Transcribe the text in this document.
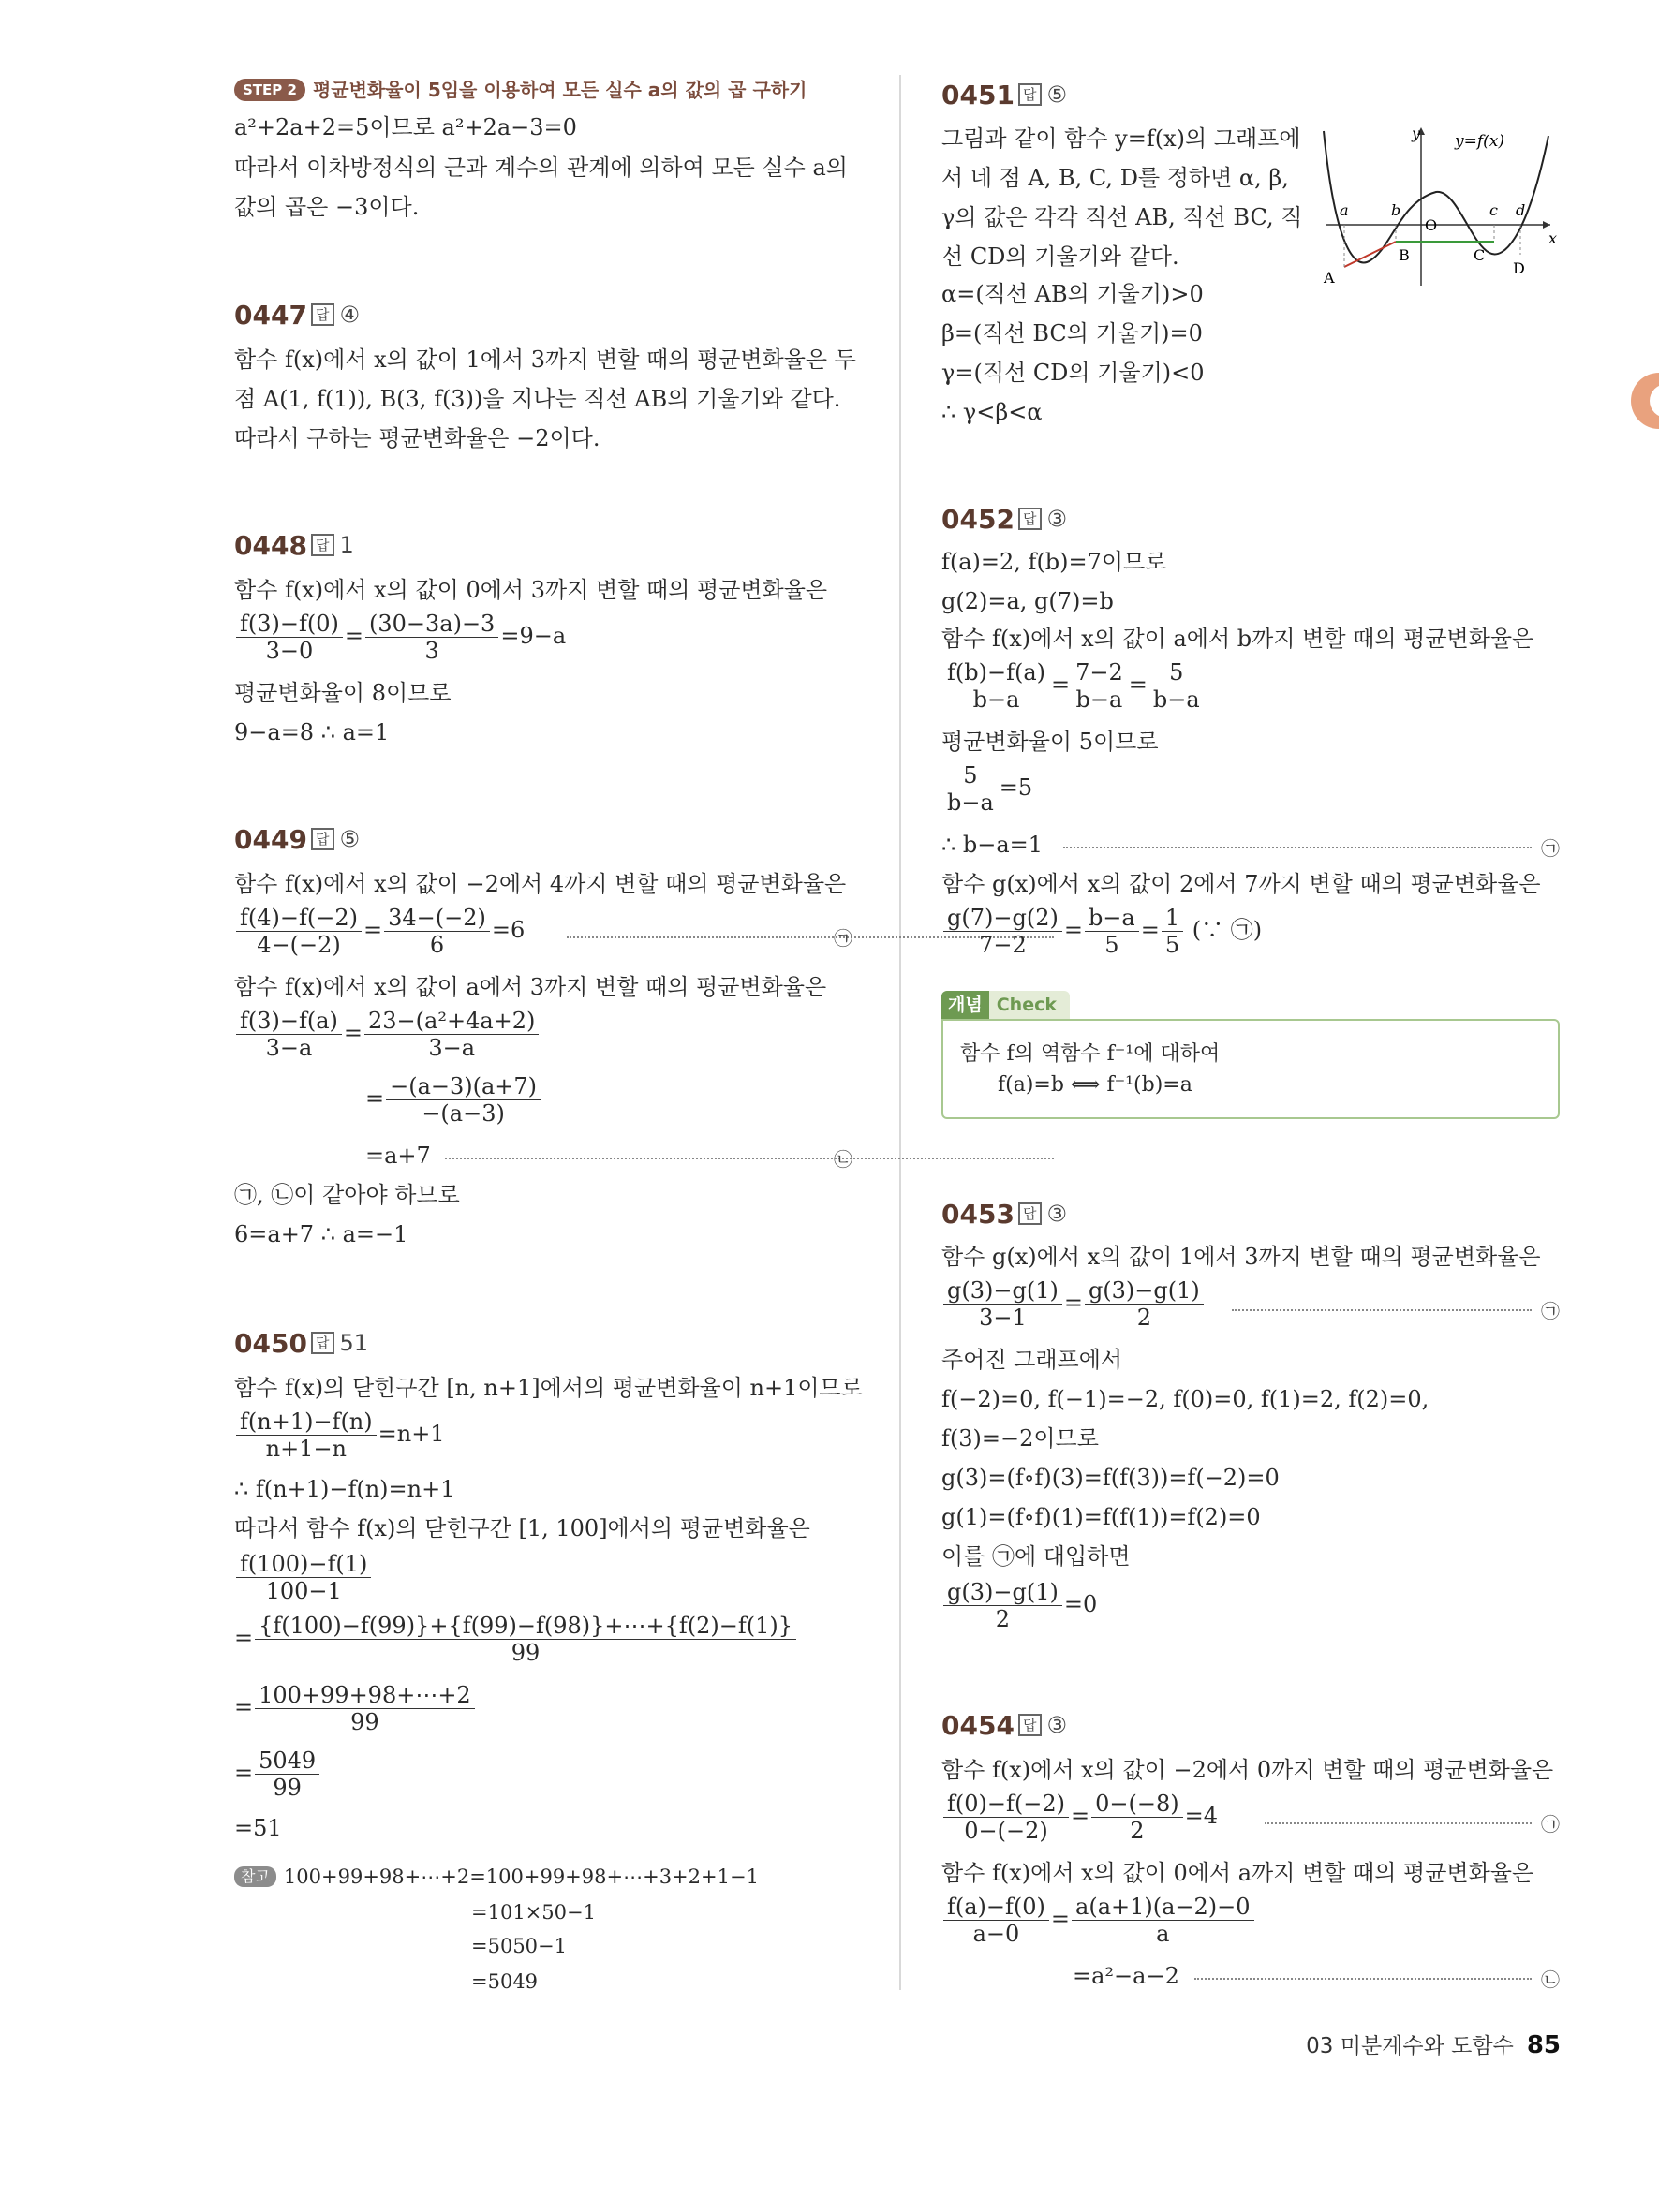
STEP 2 평균변화율이 5임을 이용하여 모든 실수 a의 값의 곱 구하기
a²+2a+2=5이므로 a²+2a−3=0
따라서 이차방정식의 근과 계수의 관계에 의하여 모든 실수 a의
값의 곱은 −3이다.
0447 답 ④
함수 f(x)에서 x의 값이 1에서 3까지 변할 때의 평균변화율은 두
점 A(1, f(1)), B(3, f(3))을 지나는 직선 AB의 기울기와 같다.
따라서 구하는 평균변화율은 −2이다.
0448 답 1
함수 f(x)에서 x의 값이 0에서 3까지 변할 때의 평균변화율은
$\frac{f(3)-f(0)}{3-0} = \frac{(30-3a)-3}{3} =9-a$
평균변화율이 8이므로
9−a=8 ∴ a=1
0449 답 ⑤
함수 f(x)에서 x의 값이 −2에서 4까지 변할 때의 평균변화율은
$\frac{f(4)-f(-2)}{4-(-2)} = \frac{34-(-2)}{6} =6$	㉠
함수 f(x)에서 x의 값이 a에서 3까지 변할 때의 평균변화율은
$\frac{f(3)-f(a)}{3-a} = \frac{\text{23−(a²+4a+2)}}{3-a}$
= $\frac{-(a-3)(a+7)}{-(a-3)}$
=a+7	㉡
㉠, ㉡이 같아야 하므로
6=a+7 ∴ a=−1
0450 답 51
함수 f(x)의 닫힌구간 [n, n+1]에서의 평균변화율이 n+1이므로
$\frac{f(n+1)-f(n)}{n+1-n} =n+1$
∴ f(n+1)−f(n)=n+1
따라서 함수 f(x)의 닫힌구간 [1, 100]에서의 평균변화율은
$\frac{f(100)-f(1)}{100-1}$
= $\frac{\{f(100)-f(99)\}+\{f(99)-f(98)\}+\cdots+\{f(2)-f(1)\}}{99}$
= $\frac{100+99+98+\cdots+2}{99}$
= $\frac{5049}{99}$
=51
참고 100+99+98+⋯+2=100+99+98+⋯+3+2+1−1
=101×50−1
=5050−1
=5049
0451 답 ⑤
그림과 같이 함수 y=f(x)의 그래프에
서 네 점 A, B, C, D를 정하면 α, β,
γ의 값은 각각 직선 AB, 직선 BC, 직
선 CD의 기울기와 같다.
α=(직선 AB의 기울기)>0
β=(직선 BC의 기울기)=0
γ=(직선 CD의 기울기)<0
∴ γ<β<α
y
x
y=f(x)
a	b	c d
O
A
B	C
D
0452 답 ③
f(a)=2, f(b)=7이므로
g(2)=a, g(7)=b
함수 f(x)에서 x의 값이 a에서 b까지 변할 때의 평균변화율은
$\frac{f(b)-f(a)}{b-a} = \frac{7-2}{b-a} = \frac{5}{b-a}$
평균변화율이 5이므로
$\frac{5}{b-a} =5$
∴ b−a=1	㉠
함수 g(x)에서 x의 값이 2에서 7까지 변할 때의 평균변화율은
$\frac{g(7)-g(2)}{7-2} = \frac{b-a}{5} = \frac{1}{5}$ (∵ ㉠)
개념 Check
함수 f의 역함수 f⁻¹에 대하여
f(a)=b ⟺ f⁻¹(b)=a
0453 답 ③
함수 g(x)에서 x의 값이 1에서 3까지 변할 때의 평균변화율은
$\frac{g(3)-g(1)}{3-1} = \frac{g(3)-g(1)}{2}$	㉠
주어진 그래프에서
f(−2)=0, f(−1)=−2, f(0)=0, f(1)=2, f(2)=0,
f(3)=−2이므로
g(3)=(f∘f)(3)=f(f(3))=f(−2)=0
g(1)=(f∘f)(1)=f(f(1))=f(2)=0
이를 ㉠에 대입하면
$\frac{g(3)-g(1)}{2} =0$
0454 답 ③
함수 f(x)에서 x의 값이 −2에서 0까지 변할 때의 평균변화율은
$\frac{f(0)-f(-2)}{0-(-2)} = \frac{0-(-8)}{2} =4$	㉠
함수 f(x)에서 x의 값이 0에서 a까지 변할 때의 평균변화율은
$\frac{f(a)-f(0)}{a-0} = \frac{a(a+1)(a-2)-0}{a}$
=a²−a−2	㉡
03 미분계수와 도함수 85
